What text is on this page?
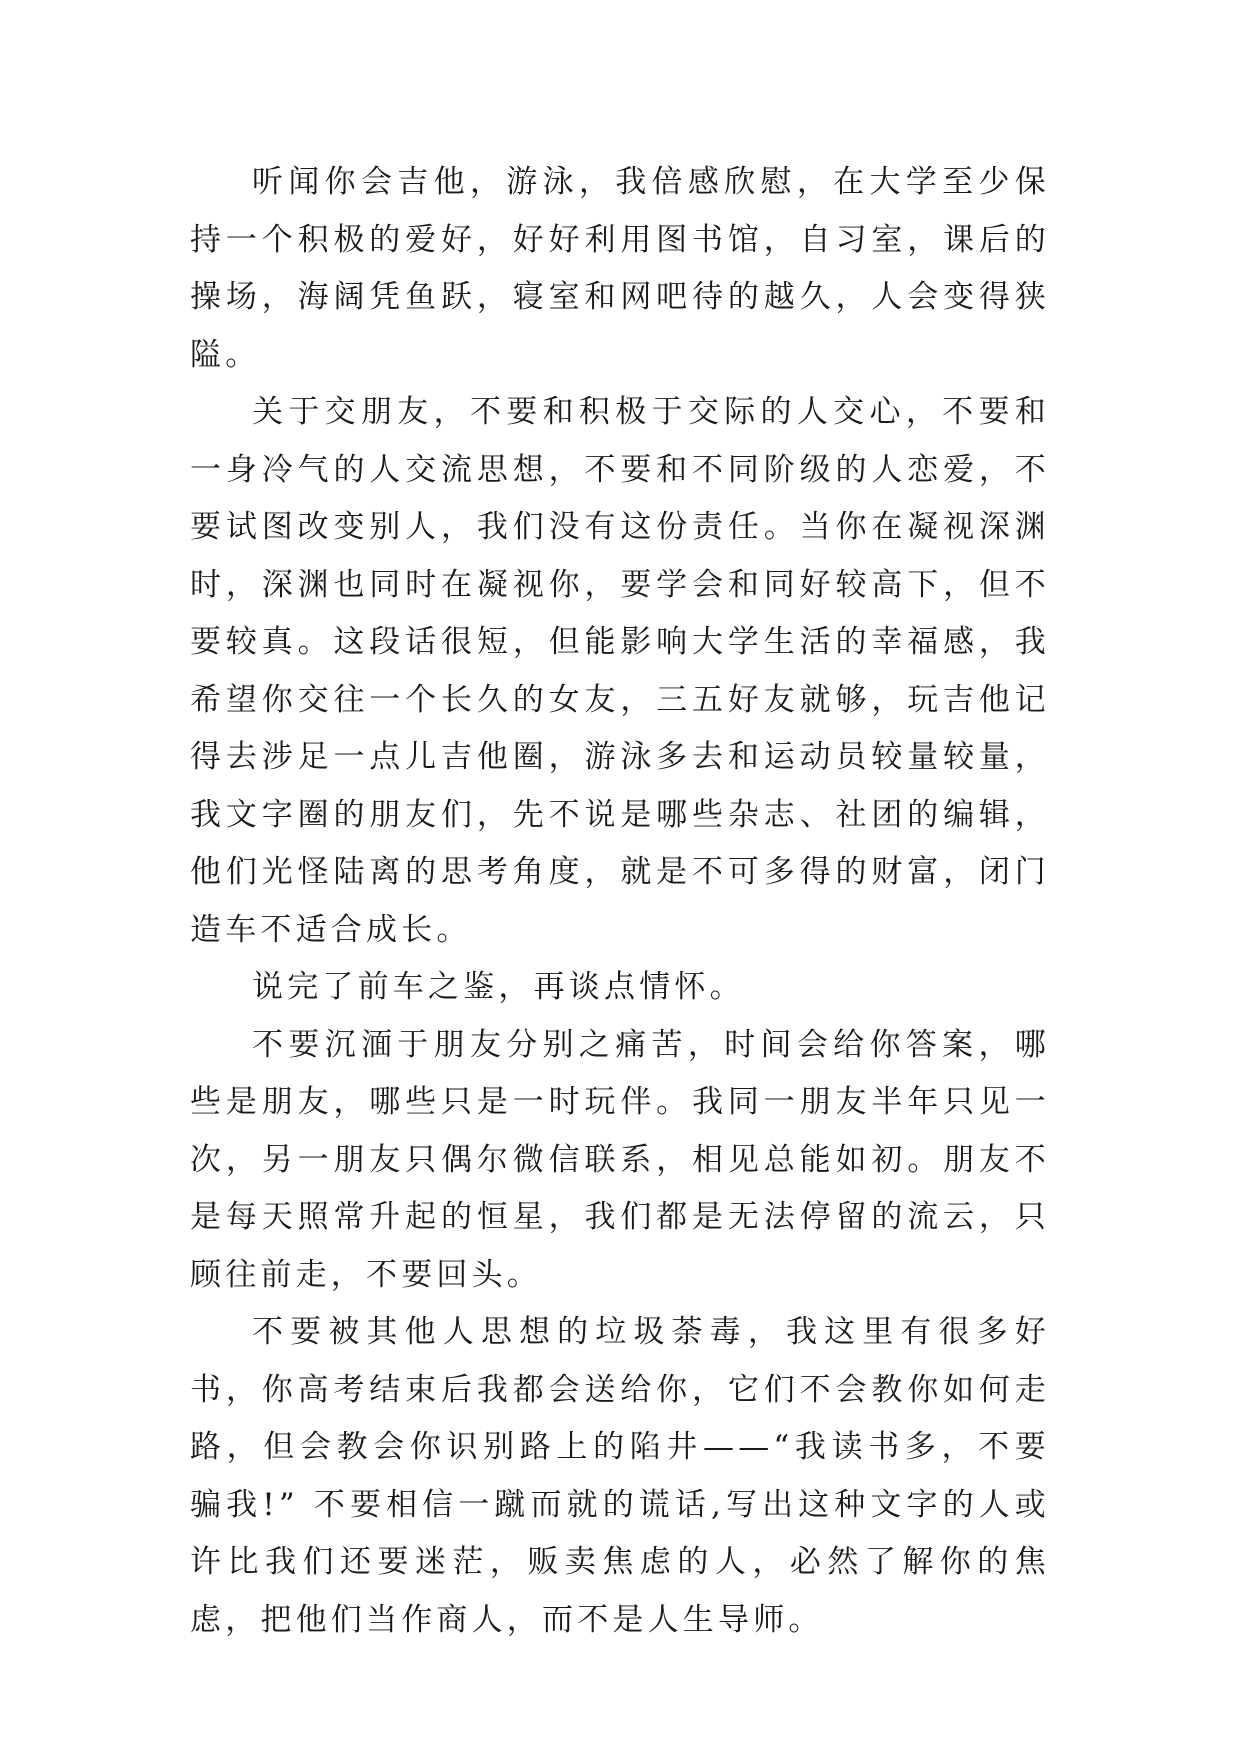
听闻你会吉他，游泳，我倍感欣慰，在大学至少保持一个积极的爱好，好好利用图书馆，自习室，课后的操场，海阔凭鱼跃，寝室和网吧待的越久，人会变得狭隘。

关于交朋友，不要和积极于交际的人交心，不要和一身冷气的人交流思想，不要和不同阶级的人恋爱，不要试图改变别人，我们没有这份责任。当你在凝视深渊时，深渊也同时在凝视你，要学会和同好较高下，但不要较真。这段话很短，但能影响大学生活的幸福感，我希望你交往一个长久的女友，三五好友就够，玩吉他记得去涉足一点儿吉他圈，游泳多去和运动员较量较量，我文字圈的朋友们，先不说是哪些杂志、社团的编辑，他们光怪陆离的思考角度，就是不可多得的财富，闭门造车不适合成长。

说完了前车之鉴，再谈点情怀。

不要沉湎于朋友分别之痛苦，时间会给你答案，哪些是朋友，哪些只是一时玩伴。我同一朋友半年只见一次，另一朋友只偶尔微信联系，相见总能如初。朋友不是每天照常升起的恒星，我们都是无法停留的流云，只顾往前走，不要回头。

不要被其他人思想的垃圾荼毒，我这里有很多好书，你高考结束后我都会送给你，它们不会教你如何走路，但会教会你识别路上的陷井——“我读书多，不要骗我!” 不要相信一蹴而就的谎话,写出这种文字的人或许比我们还要迷茫，贩卖焦虑的人，必然了解你的焦虑，把他们当作商人，而不是人生导师。
